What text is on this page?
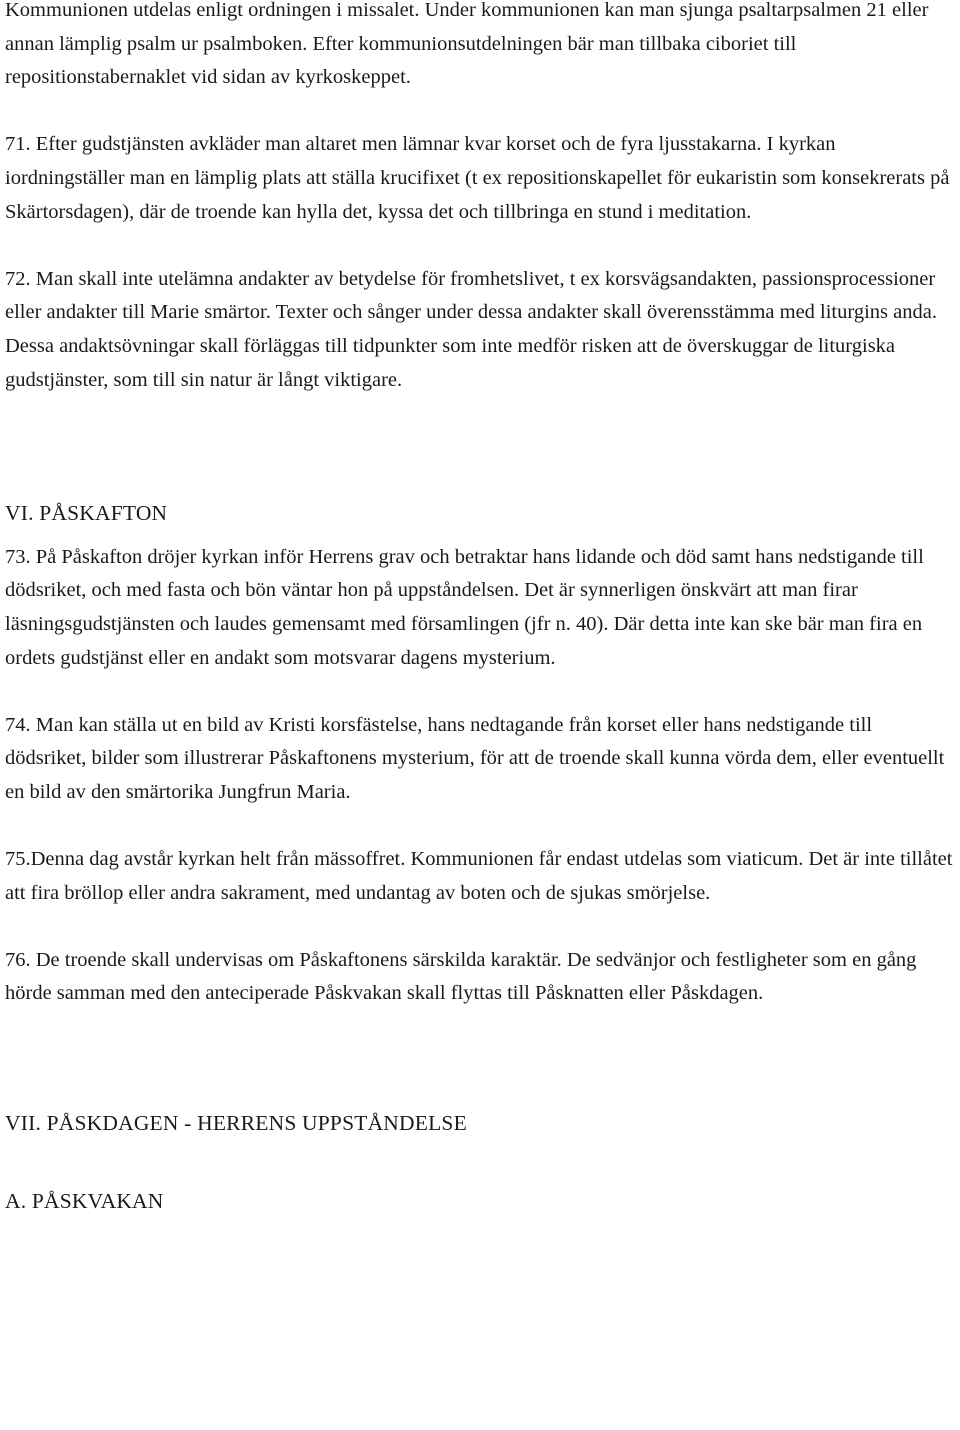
Kommunionen utdelas enligt ordningen i missalet. Under kommunionen kan man sjunga psaltarpsalmen 21 eller annan lämplig psalm ur psalmboken. Efter kommunionsutdelningen bär man tillbaka ciboriet till repositionstabernaklet vid sidan av kyrkoskeppet.

71. Efter gudstjänsten avkläder man altaret men lämnar kvar korset och de fyra ljusstakarna. I kyrkan iordningställer man en lämplig plats att ställa krucifixet (t ex repositionskapellet för eukaristin som konsekrerats på Skärtorsdagen), där de troende kan hylla det, kyssa det och tillbringa en stund i meditation.

72. Man skall inte utelämna andakter av betydelse för fromhetslivet, t ex korsvägsandakten, passionsprocessioner eller andakter till Marie smärtor. Texter och sånger under dessa andakter skall överensstämma med liturgins anda. Dessa andaktsövningar skall förläggas till tidpunkter som inte medför risken att de överskuggar de liturgiska gudstjänster, som till sin natur är långt viktigare.

VI. PÅSKAFTON

73. På Påskafton dröjer kyrkan inför Herrens grav och betraktar hans lidande och död samt hans nedstigande till dödsriket, och med fasta och bön väntar hon på uppståndelsen. Det är synnerligen önskvärt att man firar läsningsgudstjänsten och laudes gemensamt med församlingen (jfr n. 40). Där detta inte kan ske bär man fira en ordets gudstjänst eller en andakt som motsvarar dagens mysterium.

74. Man kan ställa ut en bild av Kristi korsfästelse, hans nedtagande från korset eller hans nedstigande till dödsriket, bilder som illustrerar Påskaftonens mysterium, för att de troende skall kunna vörda dem, eller eventuellt en bild av den smärtorika Jungfrun Maria.

75.Denna dag avstår kyrkan helt från mässoffret. Kommunionen får endast utdelas som viaticum. Det är inte tillåtet att fira bröllop eller andra sakrament, med undantag av boten och de sjukas smörjelse.

76. De troende skall undervisas om Påskaftonens särskilda karaktär. De sedvänjor och festligheter som en gång hörde samman med den anteciperade Påskvakan skall flyttas till Påsknatten eller Påskdagen.

VII. PÅSKDAGEN - HERRENS UPPSTÅNDELSE

A. PÅSKVAKAN
